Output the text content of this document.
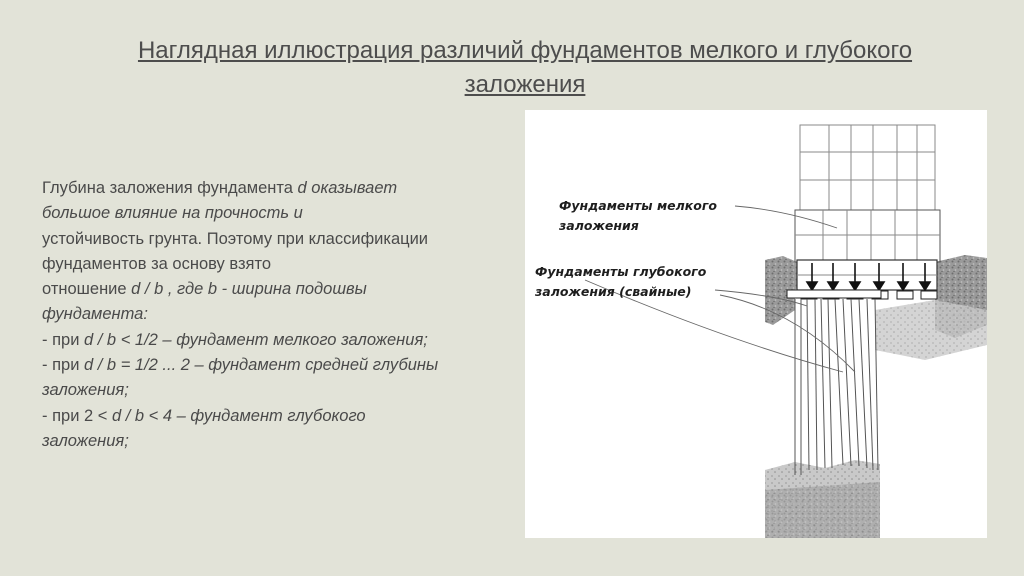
Наглядная иллюстрация различий фундаментов мелкого и глубокого
заложения
Глубина заложения фундамента d оказывает
большое влияние на прочность и
устойчивость грунта. Поэтому при классификации
фундаментов за основу взято
отношение d / b , где b - ширина подошвы
фундамента:
- при d / b < 1/2 – фундамент мелкого заложения;
- при d / b = 1/2 ... 2 – фундамент средней глубины
заложения;
- при 2 < d / b < 4 – фундамент глубокого
заложения;
Фундаменты мелкого
заложения
Фундаменты глубокого
заложения (свайные)
